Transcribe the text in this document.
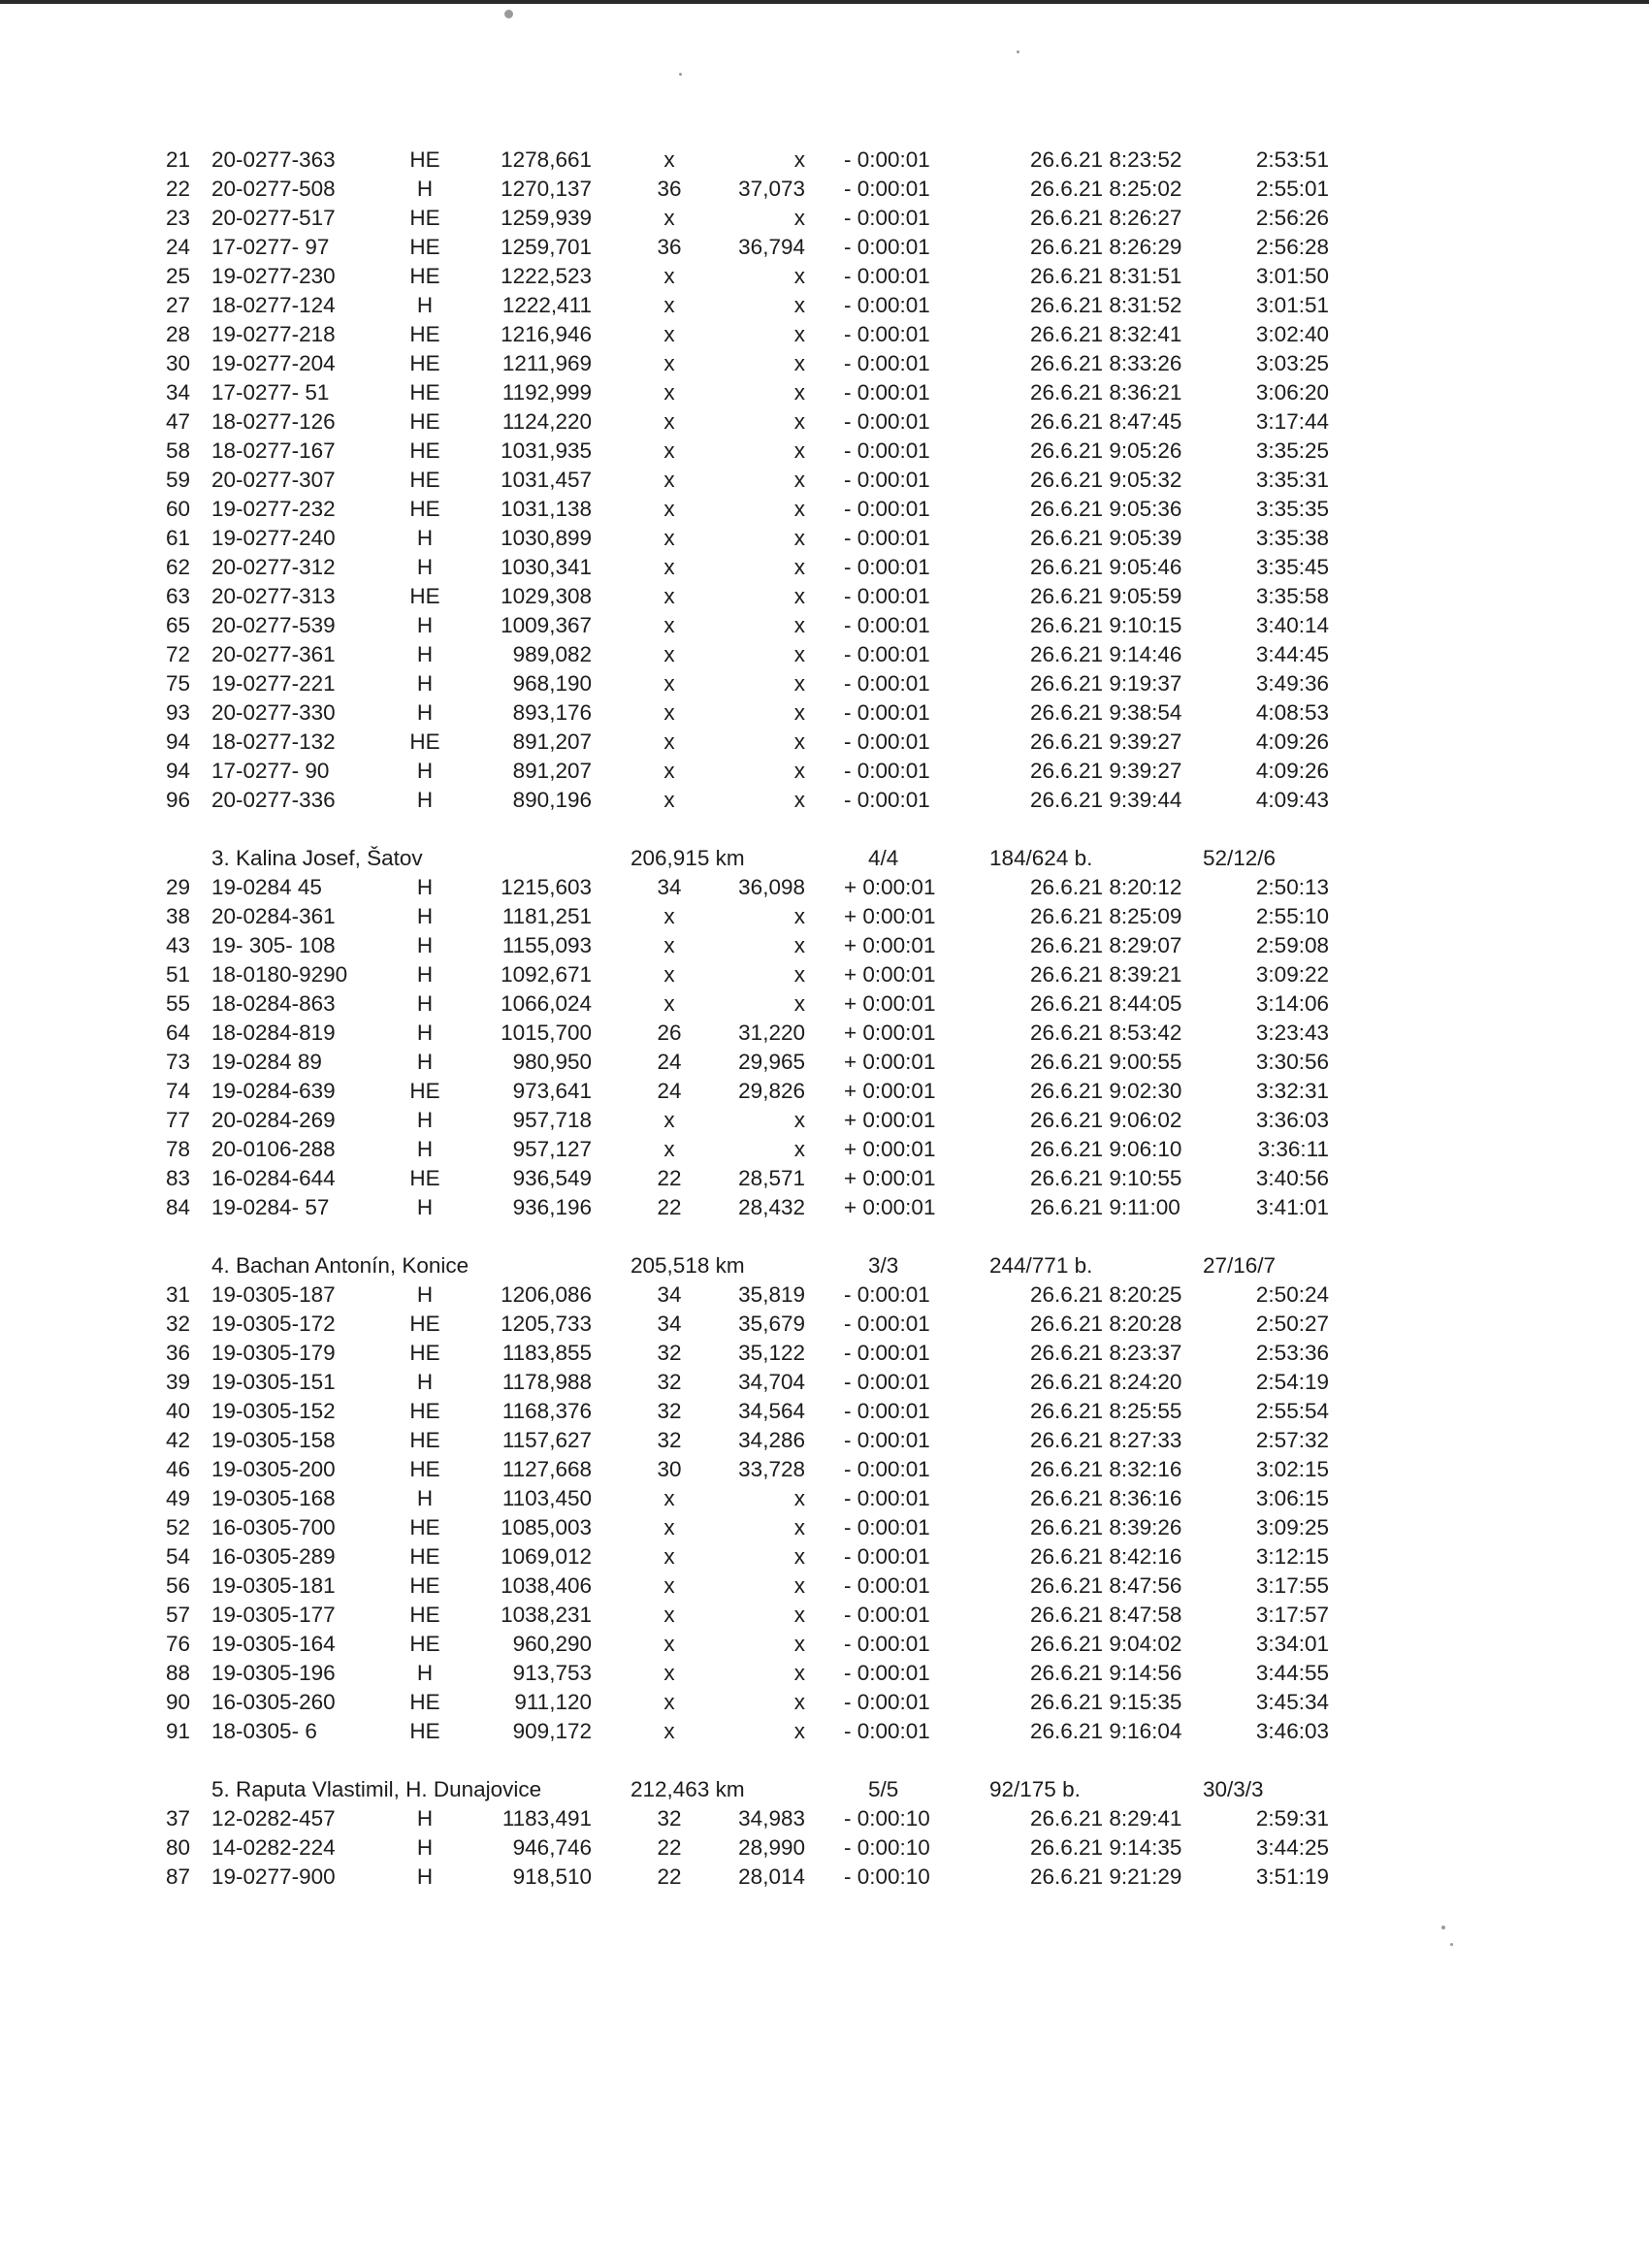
21 20-0277-363	HE	1278,661	x	x - 0:00:01	26.6.21 8:23:52	2:53:51
22 20-0277-508	H	1270,137	36	37,073 - 0:00:01	26.6.21 8:25:02	2:55:01
23 20-0277-517	HE	1259,939	x	x - 0:00:01	26.6.21 8:26:27	2:56:26
24 17-0277- 97	HE	1259,701	36	36,794 - 0:00:01	26.6.21 8:26:29	2:56:28
25 19-0277-230	HE	1222,523	x	x - 0:00:01	26.6.21 8:31:51	3:01:50
27 18-0277-124	H	1222,411	x	x - 0:00:01	26.6.21 8:31:52	3:01:51
28 19-0277-218	HE	1216,946	x	x - 0:00:01	26.6.21 8:32:41	3:02:40
30 19-0277-204	HE	1211,969	x	x - 0:00:01	26.6.21 8:33:26	3:03:25
34 17-0277- 51	HE	1192,999	x	x - 0:00:01	26.6.21 8:36:21	3:06:20
47 18-0277-126	HE	1124,220	x	x - 0:00:01	26.6.21 8:47:45	3:17:44
58 18-0277-167	HE	1031,935	x	x - 0:00:01	26.6.21 9:05:26	3:35:25
59 20-0277-307	HE	1031,457	x	x - 0:00:01	26.6.21 9:05:32	3:35:31
60 19-0277-232	HE	1031,138	x	x - 0:00:01	26.6.21 9:05:36	3:35:35
61 19-0277-240	H	1030,899	x	x - 0:00:01	26.6.21 9:05:39	3:35:38
62 20-0277-312	H	1030,341	x	x - 0:00:01	26.6.21 9:05:46	3:35:45
63 20-0277-313	HE	1029,308	x	x - 0:00:01	26.6.21 9:05:59	3:35:58
65 20-0277-539	H	1009,367	x	x - 0:00:01	26.6.21 9:10:15	3:40:14
72 20-0277-361	H	989,082	x	x - 0:00:01	26.6.21 9:14:46	3:44:45
75 19-0277-221	H	968,190	x	x - 0:00:01	26.6.21 9:19:37	3:49:36
93 20-0277-330	H	893,176	x	x - 0:00:01	26.6.21 9:38:54	4:08:53
94 18-0277-132	HE	891,207	x	x - 0:00:01	26.6.21 9:39:27	4:09:26
94 17-0277- 90	H	891,207	x	x - 0:00:01	26.6.21 9:39:27	4:09:26
96 20-0277-336	H	890,196	x	x - 0:00:01	26.6.21 9:39:44	4:09:43
3. Kalina Josef, Šatov	206,915 km	4/4	184/624 b.	52/12/6
29 19-0284 45	H	1215,603	34	36,098 + 0:00:01	26.6.21 8:20:12	2:50:13
38 20-0284-361	H	1181,251	x	x + 0:00:01	26.6.21 8:25:09	2:55:10
43 19- 305- 108	H	1155,093	x	x + 0:00:01	26.6.21 8:29:07	2:59:08
51 18-0180-9290	H	1092,671	x	x + 0:00:01	26.6.21 8:39:21	3:09:22
55 18-0284-863	H	1066,024	x	x + 0:00:01	26.6.21 8:44:05	3:14:06
64 18-0284-819	H	1015,700	26	31,220 + 0:00:01	26.6.21 8:53:42	3:23:43
73 19-0284 89	H	980,950	24	29,965 + 0:00:01	26.6.21 9:00:55	3:30:56
74 19-0284-639	HE	973,641	24	29,826 + 0:00:01	26.6.21 9:02:30	3:32:31
77 20-0284-269	H	957,718	x	x + 0:00:01	26.6.21 9:06:02	3:36:03
78 20-0106-288	H	957,127	x	x + 0:00:01	26.6.21 9:06:10	3:36:11
83 16-0284-644	HE	936,549	22	28,571 + 0:00:01	26.6.21 9:10:55	3:40:56
84 19-0284- 57	H	936,196	22	28,432 + 0:00:01	26.6.21 9:11:00	3:41:01
4. Bachan Antonín, Konice	205,518 km	3/3	244/771 b.	27/16/7
31 19-0305-187	H	1206,086	34	35,819 - 0:00:01	26.6.21 8:20:25	2:50:24
32 19-0305-172	HE	1205,733	34	35,679 - 0:00:01	26.6.21 8:20:28	2:50:27
36 19-0305-179	HE	1183,855	32	35,122 - 0:00:01	26.6.21 8:23:37	2:53:36
39 19-0305-151	H	1178,988	32	34,704 - 0:00:01	26.6.21 8:24:20	2:54:19
40 19-0305-152	HE	1168,376	32	34,564 - 0:00:01	26.6.21 8:25:55	2:55:54
42 19-0305-158	HE	1157,627	32	34,286 - 0:00:01	26.6.21 8:27:33	2:57:32
46 19-0305-200	HE	1127,668	30	33,728 - 0:00:01	26.6.21 8:32:16	3:02:15
49 19-0305-168	H	1103,450	x	x - 0:00:01	26.6.21 8:36:16	3:06:15
52 16-0305-700	HE	1085,003	x	x - 0:00:01	26.6.21 8:39:26	3:09:25
54 16-0305-289	HE	1069,012	x	x - 0:00:01	26.6.21 8:42:16	3:12:15
56 19-0305-181	HE	1038,406	x	x - 0:00:01	26.6.21 8:47:56	3:17:55
57 19-0305-177	HE	1038,231	x	x - 0:00:01	26.6.21 8:47:58	3:17:57
76 19-0305-164	HE	960,290	x	x - 0:00:01	26.6.21 9:04:02	3:34:01
88 19-0305-196	H	913,753	x	x - 0:00:01	26.6.21 9:14:56	3:44:55
90 16-0305-260	HE	911,120	x	x - 0:00:01	26.6.21 9:15:35	3:45:34
91 18-0305- 6	HE	909,172	x	x - 0:00:01	26.6.21 9:16:04	3:46:03
5. Raputa Vlastimil, H. Dunajovice	212,463 km	5/5	92/175 b.	30/3/3
37 12-0282-457	H	1183,491	32	34,983 - 0:00:10	26.6.21 8:29:41	2:59:31
80 14-0282-224	H	946,746	22	28,990 - 0:00:10	26.6.21 9:14:35	3:44:25
87 19-0277-900	H	918,510	22	28,014 - 0:00:10	26.6.21 9:21:29	3:51:19
